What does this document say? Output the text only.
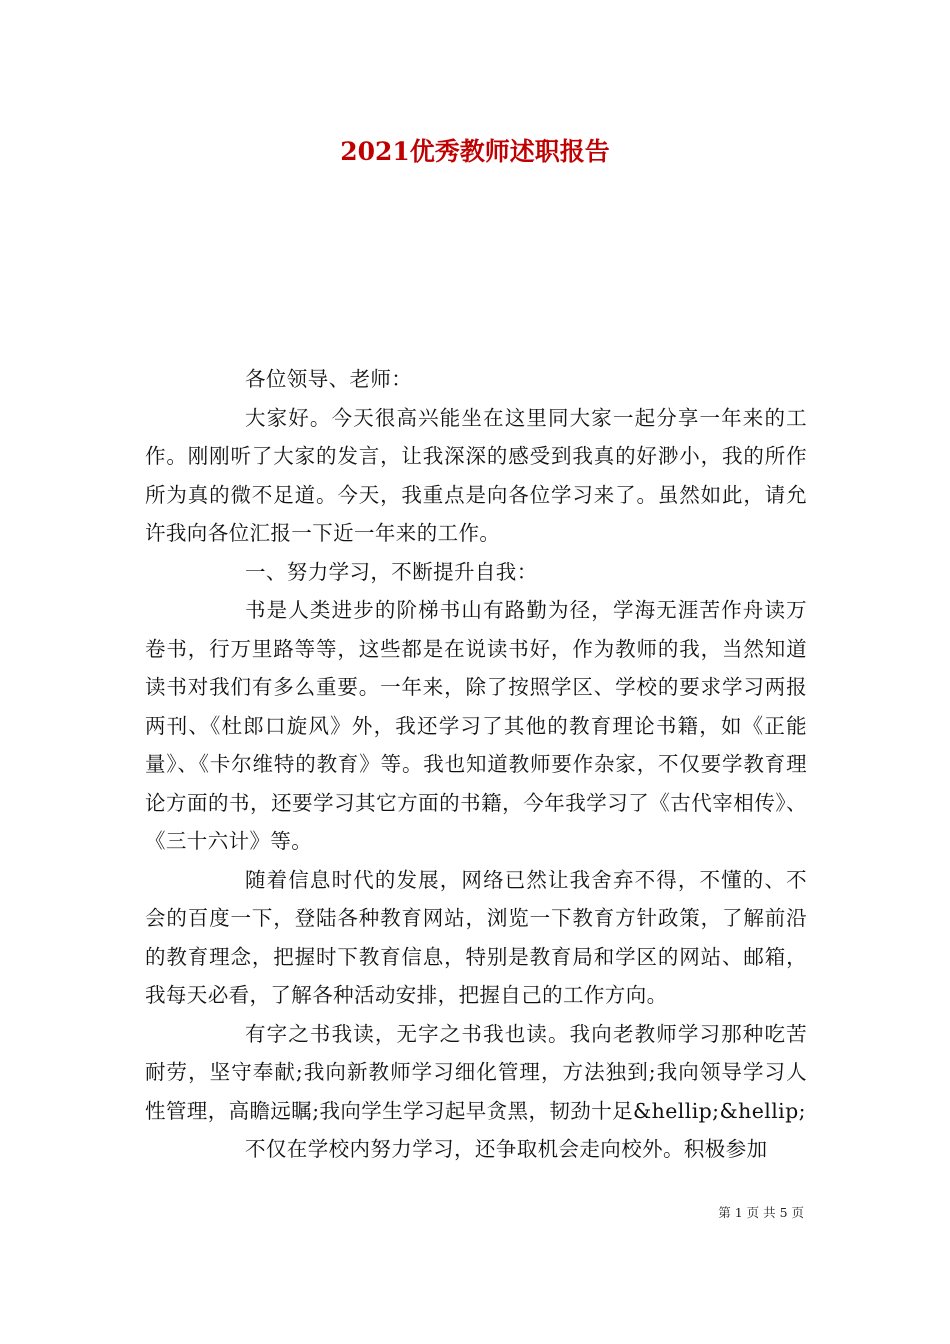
2021优秀教师述职报告

各位领导、老师：

大家好。今天很高兴能坐在这里同大家一起分享一年来的工作。刚刚听了大家的发言，让我深深的感受到我真的好渺小，我的所作所为真的微不足道。今天，我重点是向各位学习来了。虽然如此，请允许我向各位汇报一下近一年来的工作。

一、努力学习，不断提升自我：

书是人类进步的阶梯书山有路勤为径，学海无涯苦作舟读万卷书，行万里路等等，这些都是在说读书好，作为教师的我，当然知道读书对我们有多么重要。一年来，除了按照学区、学校的要求学习两报两刊、《杜郎口旋风》外，我还学习了其他的教育理论书籍，如《正能量》、《卡尔维特的教育》等。我也知道教师要作杂家，不仅要学教育理论方面的书，还要学习其它方面的书籍，今年我学习了《古代宰相传》、《三十六计》等。

随着信息时代的发展，网络已然让我舍弃不得，不懂的、不会的百度一下，登陆各种教育网站，浏览一下教育方针政策，了解前沿的教育理念，把握时下教育信息，特别是教育局和学区的网站、邮箱，我每天必看，了解各种活动安排，把握自己的工作方向。

有字之书我读，无字之书我也读。我向老教师学习那种吃苦耐劳，坚守奉献;我向新教师学习细化管理，方法独到;我向领导学习人性管理，高瞻远瞩;我向学生学习起早贪黑，韧劲十足&hellip;&hellip;

不仅在学校内努力学习，还争取机会走向校外。积极参加

第 1 页 共 5 页
